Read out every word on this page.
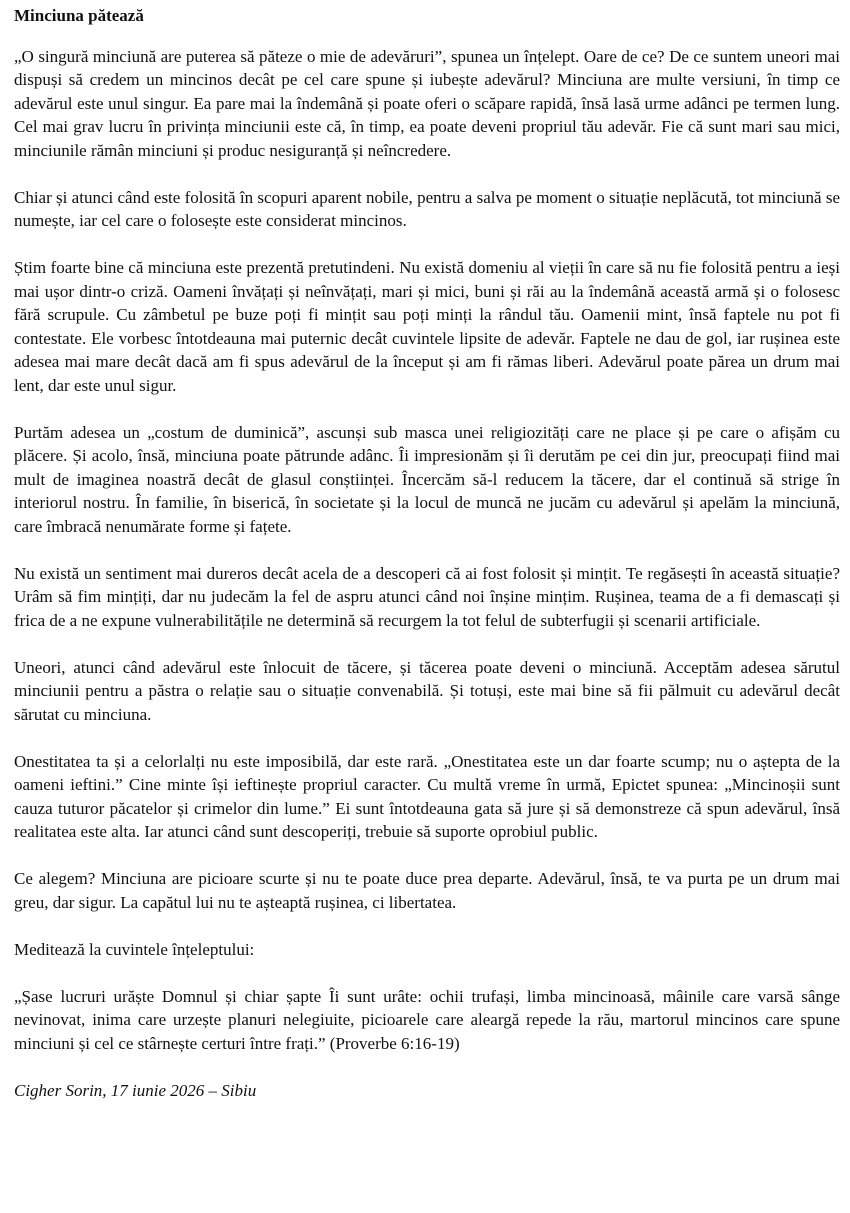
Minciuna pătează

„O singură minciună are puterea să păteze o mie de adevăruri”, spunea un înțelept. Oare de ce? De ce suntem uneori mai dispuși să credem un mincinos decât pe cel care spune și iubește adevărul? Minciuna are multe versiuni, în timp ce adevărul este unul singur. Ea pare mai la îndemână și poate oferi o scăpare rapidă, însă lasă urme adânci pe termen lung. Cel mai grav lucru în privința minciunii este că, în timp, ea poate deveni propriul tău adevăr. Fie că sunt mari sau mici, minciunile rămân minciuni și produc nesiguranță și neîncredere.

Chiar și atunci când este folosită în scopuri aparent nobile, pentru a salva pe moment o situație neplăcută, tot minciună se numește, iar cel care o folosește este considerat mincinos.

Știm foarte bine că minciuna este prezentă pretutindeni. Nu există domeniu al vieții în care să nu fie folosită pentru a ieși mai ușor dintr-o criză. Oameni învățați și neînvățați, mari și mici, buni și răi au la îndemână această armă și o folosesc fără scrupule. Cu zâmbetul pe buze poți fi mințit sau poți minți la rândul tău. Oamenii mint, însă faptele nu pot fi contestate. Ele vorbesc întotdeauna mai puternic decât cuvintele lipsite de adevăr. Faptele ne dau de gol, iar rușinea este adesea mai mare decât dacă am fi spus adevărul de la început și am fi rămas liberi. Adevărul poate părea un drum mai lent, dar este unul sigur.

Purtăm adesea un „costum de duminică”, ascunși sub masca unei religiozități care ne place și pe care o afișăm cu plăcere. Și acolo, însă, minciuna poate pătrunde adânc. Îi impresionăm și îi derutăm pe cei din jur, preocupați fiind mai mult de imaginea noastră decât de glasul conștiinței. Încercăm să-l reducem la tăcere, dar el continuă să strige în interiorul nostru. În familie, în biserică, în societate și la locul de muncă ne jucăm cu adevărul și apelăm la minciună, care îmbracă nenumărate forme și fațete.

Nu există un sentiment mai dureros decât acela de a descoperi că ai fost folosit și mințit. Te regăsești în această situație? Urâm să fim mințiți, dar nu judecăm la fel de aspru atunci când noi înșine mințim. Rușinea, teama de a fi demascați și frica de a ne expune vulnerabilitățile ne determină să recurgem la tot felul de subterfugii și scenarii artificiale.

Uneori, atunci când adevărul este înlocuit de tăcere, și tăcerea poate deveni o minciună. Acceptăm adesea sărutul minciunii pentru a păstra o relație sau o situație convenabilă. Și totuși, este mai bine să fii pălmuit cu adevărul decât sărutat cu minciuna.

Onestitatea ta și a celorlalți nu este imposibilă, dar este rară. „Onestitatea este un dar foarte scump; nu o aștepta de la oameni ieftini.” Cine minte își ieftinește propriul caracter. Cu multă vreme în urmă, Epictet spunea: „Mincinoșii sunt cauza tuturor păcatelor și crimelor din lume.” Ei sunt întotdeauna gata să jure și să demonstreze că spun adevărul, însă realitatea este alta. Iar atunci când sunt descoperiți, trebuie să suporte oprobiul public.

Ce alegem? Minciuna are picioare scurte și nu te poate duce prea departe. Adevărul, însă, te va purta pe un drum mai greu, dar sigur. La capătul lui nu te așteaptă rușinea, ci libertatea.

Meditează la cuvintele înțeleptului:

„Șase lucruri urăște Domnul și chiar șapte Îi sunt urâte: ochii trufași, limba mincinoasă, mâinile care varsă sânge nevinovat, inima care urzește planuri nelegiuite, picioarele care aleargă repede la rău, martorul mincinos care spune minciuni și cel ce stârnește certuri între frați.” (Proverbe 6:16-19)

Cigher Sorin, 17 iunie 2026 – Sibiu
